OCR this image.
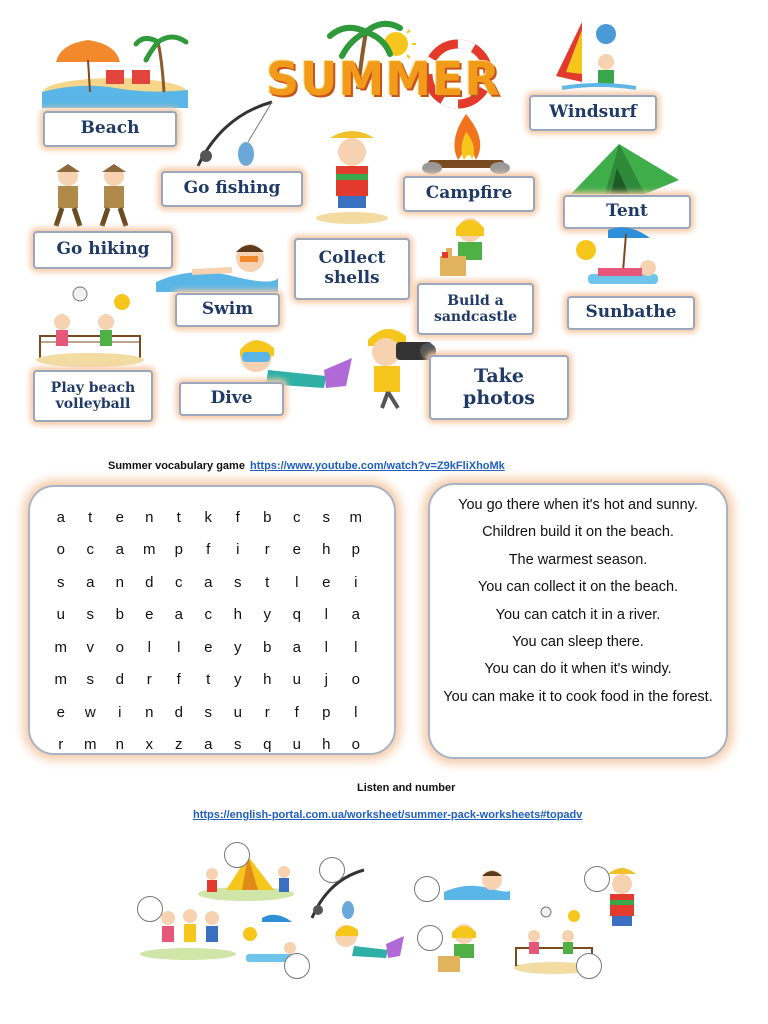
SUMMER
Beach
Go fishing
Collect shells
Campfire
Windsurf
Tent
Go hiking
Swim	Build a sandcastle	Sunbathe
Play beach volleyball	Dive
Take photos
Summer vocabulary game https://www.youtube.com/watch?v=Z9kFliXhoMk
a	t	e	n	t	k	f	b	c	s	m
o	c	a	m	p	f	i	r	e	h	p
s	a	n	d	c	a	s	t	l	e	i
u	s	b	e	a	c	h	y	q	l	a
m	v	o	l	l	e	y	b	a	l	l
m	s	d	r	f	t	y	h	u	j	o
e	w	i	n	d	s	u	r	f	p	l
r	m	n	x	z	a	s	q	u	h	o
You go there when it's hot and sunny.
Children build it on the beach.
The warmest season.
You can collect it on the beach.
You can catch it in a river.
You can sleep there.
You can do it when it's windy.
You can make it to cook food in the forest.
Listen and number
https://english-portal.com.ua/worksheet/summer-pack-worksheets#topadv
